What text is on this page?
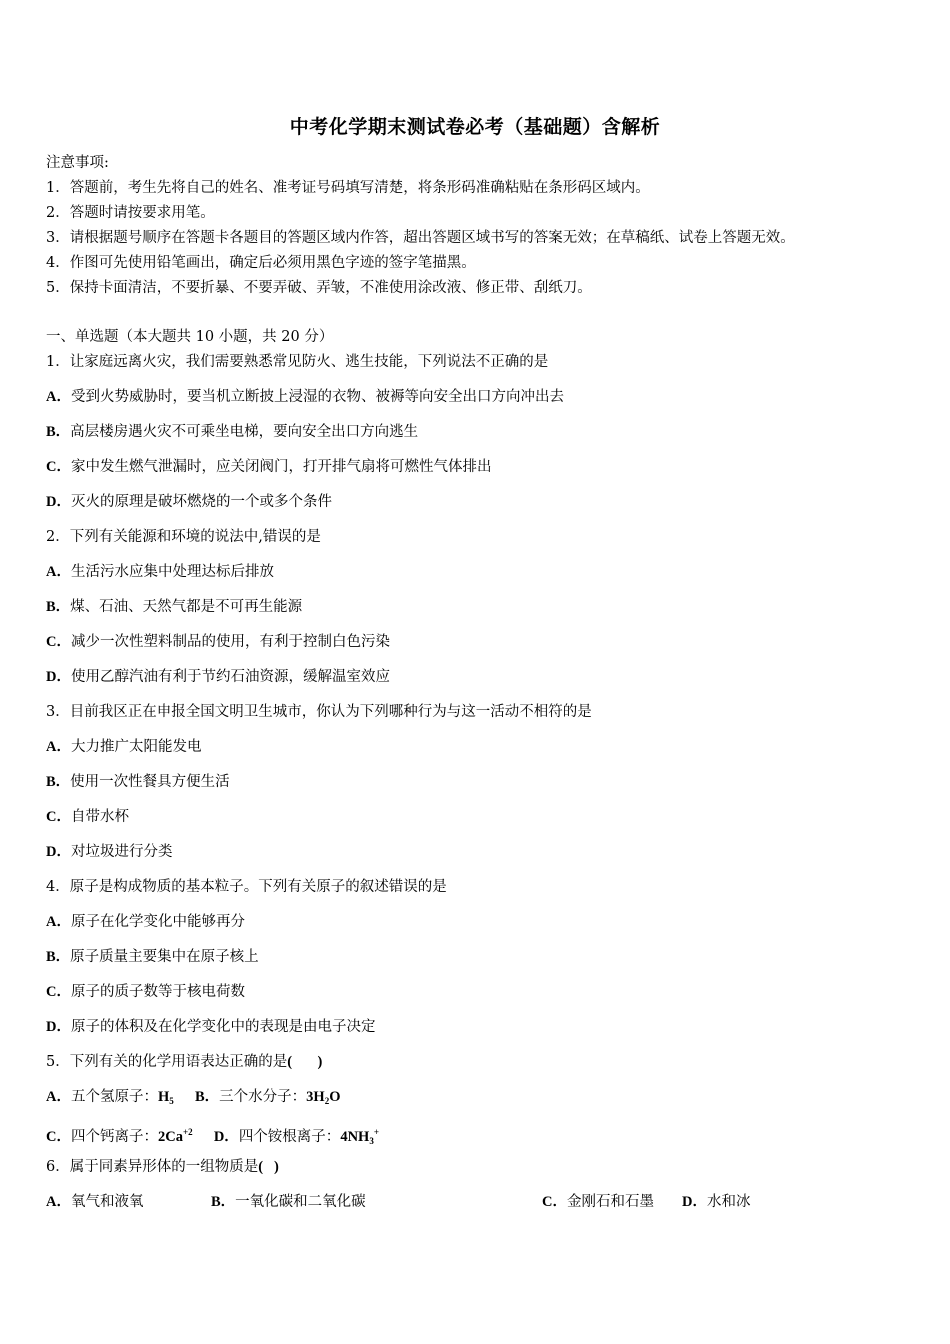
中考化学期末测试卷必考（基础题）含解析
注意事项:
1．答题前，考生先将自己的姓名、准考证号码填写清楚，将条形码准确粘贴在条形码区域内。
2．答题时请按要求用笔。
3．请根据题号顺序在答题卡各题目的答题区域内作答，超出答题区域书写的答案无效；在草稿纸、试卷上答题无效。
4．作图可先使用铅笔画出，确定后必须用黑色字迹的签字笔描黑。
5．保持卡面清洁，不要折暴、不要弄破、弄皱，不准使用涂改液、修正带、刮纸刀。
一、单选题（本大题共 10 小题，共 20 分）
1．让家庭远离火灾，我们需要熟悉常见防火、逃生技能，下列说法不正确的是
A．受到火势威胁时，要当机立断披上浸湿的衣物、被褥等向安全出口方向冲出去
B．高层楼房遇火灾不可乘坐电梯，要向安全出口方向逃生
C．家中发生燃气泄漏时，应关闭阀门，打开排气扇将可燃性气体排出
D．灭火的原理是破坏燃烧的一个或多个条件
2．下列有关能源和环境的说法中,错误的是
A．生活污水应集中处理达标后排放
B．煤、石油、天然气都是不可再生能源
C．减少一次性塑料制品的使用，有利于控制白色污染
D．使用乙醇汽油有利于节约石油资源，缓解温室效应
3．目前我区正在申报全国文明卫生城市，你认为下列哪种行为与这一活动不相符的是
A．大力推广太阳能发电
B．使用一次性餐具方便生活
C．自带水杯
D．对垃圾进行分类
4．原子是构成物质的基本粒子。下列有关原子的叙述错误的是
A．原子在化学变化中能够再分
B．原子质量主要集中在原子核上
C．原子的质子数等于核电荷数
D．原子的体积及在化学变化中的表现是由电子决定
5．下列有关的化学用语表达正确的是(       )
A．五个氢原子：$H_5$ B．三个水分子：$3H_2O$
C．四个钙离子：$2Ca^{+2}$ D．四个铵根离子：$4NH_3^+$
6．属于同素异形体的一组物质是(   )
A．氧气和液氧	B．一氧化碳和二氧化碳	C．金刚石和石墨 D．水和冰
